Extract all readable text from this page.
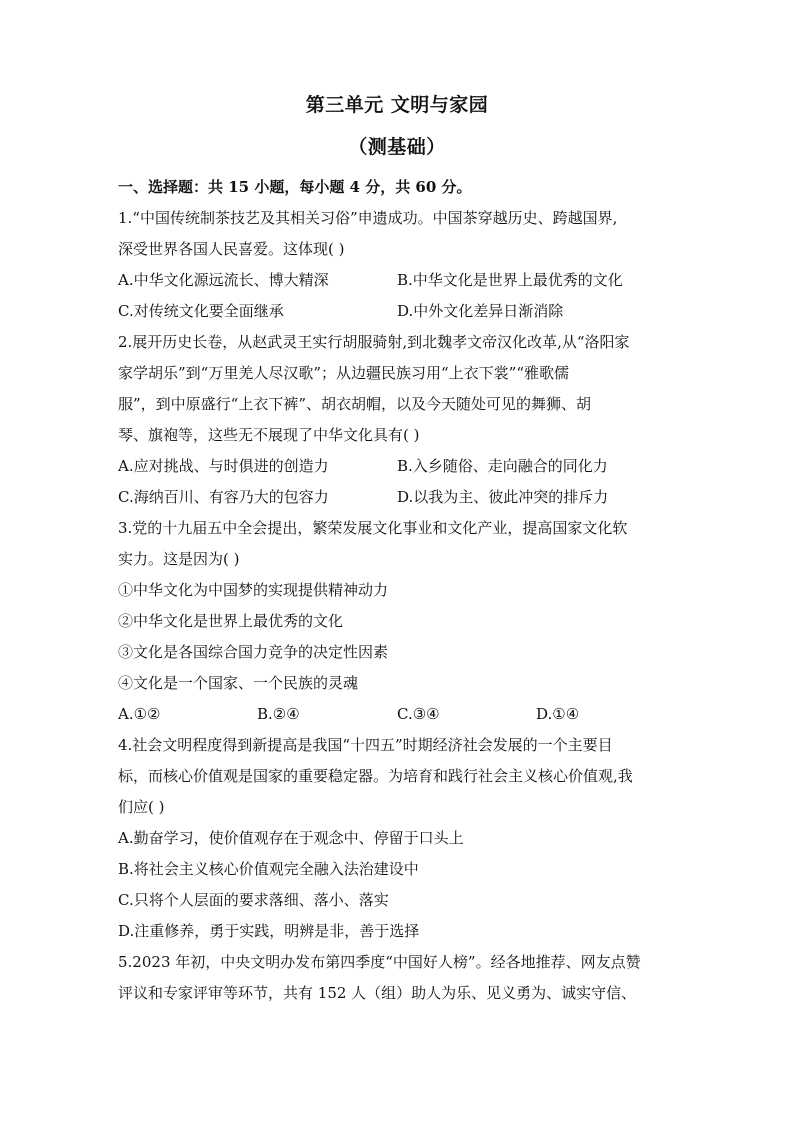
第三单元 文明与家园
（测基础）
一、选择题：共 15 小题，每小题 4 分，共 60 分。
1.“中国传统制茶技艺及其相关习俗”申遗成功。中国茶穿越历史、跨越国界,
深受世界各国人民喜爱。这体现( )
A.中华文化源远流长、博大精深	B.中华文化是世界上最优秀的文化
C.对传统文化要全面继承	D.中外文化差异日渐消除
2.展开历史长卷，从赵武灵王实行胡服骑射,到北魏孝文帝汉化改革,从“洛阳家
家学胡乐”到“万里羌人尽汉歌”；从边疆民族习用“上衣下裳”“雅歌儒
服”，到中原盛行“上衣下裤”、胡衣胡帽，以及今天随处可见的舞狮、胡
琴、旗袍等，这些无不展现了中华文化具有( )
A.应对挑战、与时俱进的创造力	B.入乡随俗、走向融合的同化力
C.海纳百川、有容乃大的包容力	D.以我为主、彼此冲突的排斥力
3.党的十九届五中全会提出，繁荣发展文化事业和文化产业，提高国家文化软
实力。这是因为( )
①中华文化为中国梦的实现提供精神动力
②中华文化是世界上最优秀的文化
③文化是各国综合国力竞争的决定性因素
④文化是一个国家、一个民族的灵魂
A.①②	B.②④	C.③④	D.①④
4.社会文明程度得到新提高是我国“十四五”时期经济社会发展的一个主要目
标，而核心价值观是国家的重要稳定器。为培育和践行社会主义核心价值观,我
们应( )
A.勤奋学习，使价值观存在于观念中、停留于口头上
B.将社会主义核心价值观完全融入法治建设中
C.只将个人层面的要求落细、落小、落实
D.注重修养，勇于实践，明辨是非，善于选择
5.2023 年初，中央文明办发布第四季度“中国好人榜”。经各地推荐、网友点赞
评议和专家评审等环节，共有 152 人（组）助人为乐、见义勇为、诚实守信、
